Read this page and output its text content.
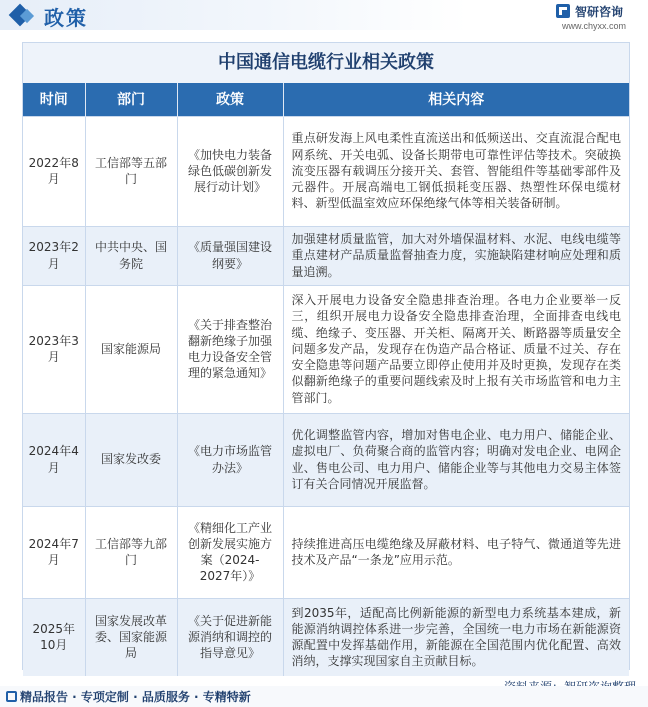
政策	智研咨询
www.chyxx.com
中国通信电缆行业相关政策
时间	部门	政策	相关内容
2022年8月	工信部等五部门	《加快电力装备绿色低碳创新发展行动计划》	重点研发海上风电柔性直流送出和低频送出、交直流混合配电网系统、开关电弧、设备长期带电可靠性评估等技术。突破换流变压器有载调压分接开关、套管、智能组件等基础零部件及元器件。开展高端电工钢低损耗变压器、热塑性环保电缆材料、新型低温室效应环保绝缘气体等相关装备研制。
2023年2月	中共中央、国务院	《质量强国建设纲要》	加强建材质量监管，加大对外墙保温材料、水泥、电线电缆等重点建材产品质量监督抽查力度，实施缺陷建材响应处理和质量追溯。
2023年3月	国家能源局	《关于排查整治翻新绝缘子加强电力设备安全管理的紧急通知》	深入开展电力设备安全隐患排查治理。各电力企业要举一反三，组织开展电力设备安全隐患排查治理，全面排查电线电缆、绝缘子、变压器、开关柜、隔离开关、断路器等质量安全问题多发产品，发现存在伪造产品合格证、质量不过关、存在安全隐患等问题产品要立即停止使用并及时更换，发现存在类似翻新绝缘子的重要问题线索及时上报有关市场监管和电力主管部门。
2024年4月	国家发改委	《电力市场监管办法》	优化调整监管内容，增加对售电企业、电力用户、储能企业、虚拟电厂、负荷聚合商的监管内容；明确对发电企业、电网企业、售电公司、电力用户、储能企业等与其他电力交易主体签订有关合同情况开展监督。
2024年7月	工信部等九部门	《精细化工产业创新发展实施方案（2024-2027年）》	持续推进高压电缆绝缘及屏蔽材料、电子特气、微通道等先进技术及产品“一条龙”应用示范。
2025年10月	国家发展改革委、国家能源局	《关于促进新能源消纳和调控的指导意见》	到2035年，适配高比例新能源的新型电力系统基本建成，新能源消纳调控体系进一步完善，全国统一电力市场在新能源资源配置中发挥基础作用，新能源在全国范围内优化配置、高效消纳，支撑实现国家自主贡献目标。
精品报告 · 专项定制 · 品质服务 · 专精特新
